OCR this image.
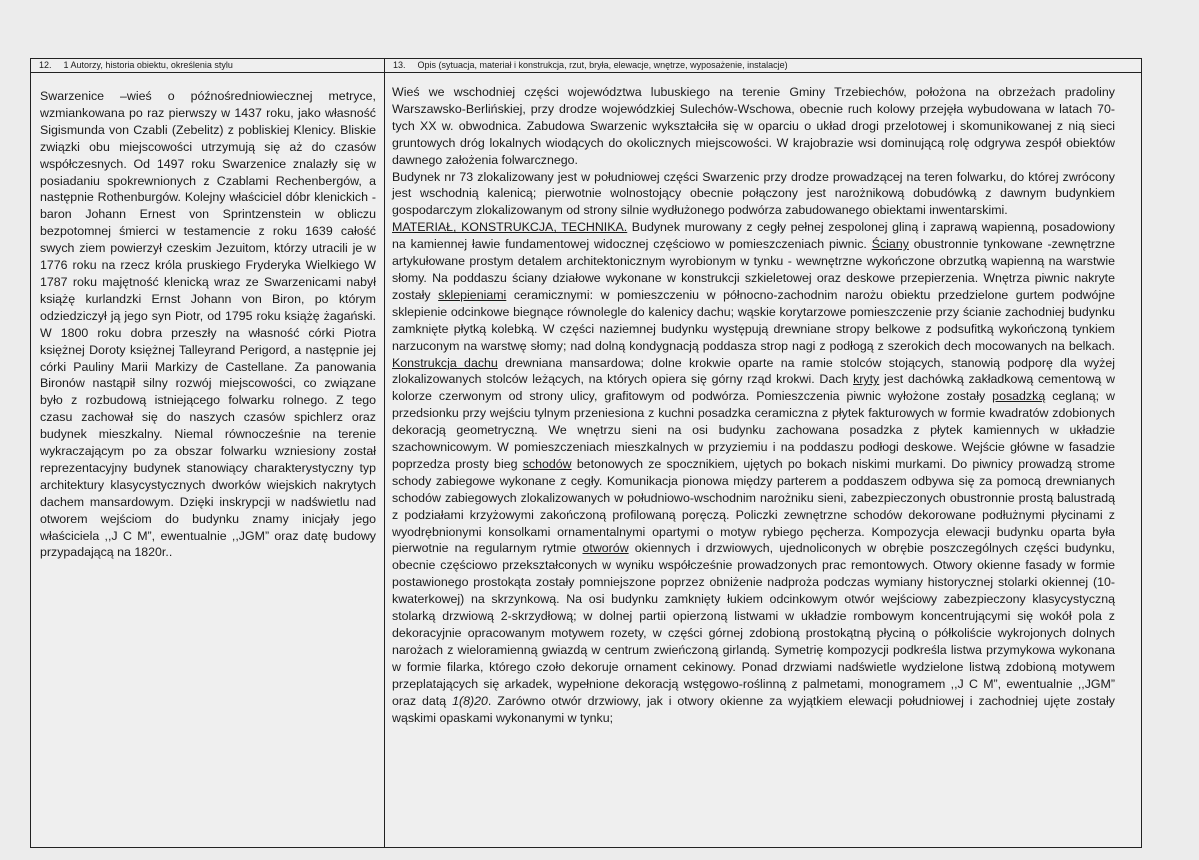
12. 1 Autorzy, historia obiektu, określenia stylu
Swarzenice –wieś o późnośredniowiecznej metryce, wzmiankowana po raz pierwszy w 1437 roku, jako własność Sigismunda von Czabli (Zebelitz) z pobliskiej Klenicy. Bliskie związki obu miejscowości utrzymują się aż do czasów współczesnych. Od 1497 roku Swarzenice znalazły się w posiadaniu spokrewnionych z Czablami Rechenbergów, a następnie Rothenburgów. Kolejny właściciel dóbr klenickich -baron Johann Ernest von Sprintzenstein w obliczu bezpotomnej śmierci w testamencie z roku 1639 całość swych ziem powierzył czeskim Jezuitom, którzy utracili je w 1776 roku na rzecz króla pruskiego Fryderyka Wielkiego W 1787 roku majętność klenicką wraz ze Swarzenicami nabył książę kurlandzki Ernst Johann von Biron, po którym odziedziczył ją jego syn Piotr, od 1795 roku książę żagański. W 1800 roku dobra przeszły na własność córki Piotra księżnej Doroty księżnej Talleyrand Perigord, a następnie jej córki Pauliny Marii Markizy de Castellane. Za panowania Bironów nastąpił silny rozwój miejscowości, co związane było z rozbudową istniejącego folwarku rolnego. Z tego czasu zachował się do naszych czasów spichlerz oraz budynek mieszkalny. Niemal równocześnie na terenie wykraczającym po za obszar folwarku wzniesiony został reprezentacyjny budynek stanowiący charakterystyczny typ architektury klasycystycznych dworków wiejskich nakrytych dachem mansardowym. Dzięki inskrypcji w nadświetlu nad otworem wejściom do budynku znamy inicjały jego właściciela ,,J C M”, ewentualnie ,,JGM” oraz datę budowy przypadającą na 1820r..
13. Opis (sytuacja, materiał i konstrukcja, rzut, bryła, elewacje, wnętrze, wyposażenie, instalacje)

Wieś we wschodniej części województwa lubuskiego na terenie Gminy Trzebiechów, położona na obrzeżach pradoliny Warszawsko-Berlińskiej, przy drodze wojewódzkiej Sulechów-Wschowa, obecnie ruch kolowy przejęła wybudowana w latach 70-tych XX w. obwodnica. Zabudowa Swarzenic wykształciła się w oparciu o układ drogi przelotowej i skomunikowanej z nią sieci gruntowych dróg lokalnych wiodących do okolicznych miejscowości. W krajobrazie wsi dominującą rolę odgrywa zespół obiektów dawnego założenia folwarcznego.

Budynek nr 73 zlokalizowany jest w południowej części Swarzenic przy drodze prowadzącej na teren folwarku, do której zwrócony jest wschodnią kalenicą; pierwotnie wolnostojący obecnie połączony jest narożnikową dobudówką z dawnym budynkiem gospodarczym zlokalizowanym od strony silnie wydłużonego podwórza zabudowanego obiektami inwentarskimi.

MATERIAŁ, KONSTRUKCJA, TECHNIKA. Budynek murowany z cegły pełnej zespolonej gliną i zaprawą wapienną, posadowiony na kamiennej ławie fundamentowej widocznej częściowo w pomieszczeniach piwnic. Ściany obustronnie tynkowane -zewnętrzne artykułowane prostym detalem architektonicznym wyrobionym w tynku - wewnętrzne wykończone obrzutką wapienną na warstwie słomy. Na poddaszu ściany działowe wykonane w konstrukcji szkieletowej oraz deskowe przepierzenia. Wnętrza piwnic nakryte zostały sklepieniami ceramicznymi: w pomieszczeniu w północno-zachodnim narożu obiektu przedzielone gurtem podwójne sklepienie odcinkowe biegnące równolegle do kalenicy dachu; wąskie korytarzowe pomieszczenie przy ścianie zachodniej budynku zamknięte płytką kolebką. W części naziemnej budynku występują drewniane stropy belkowe z podsufitką wykończoną tynkiem narzuconym na warstwę słomy; nad dolną kondygnacją poddasza strop nagi z podłogą z szerokich dech mocowanych na belkach. Konstrukcja dachu drewniana mansardowa; dolne krokwie oparte na ramie stolców stojących, stanowią podporę dla wyżej zlokalizowanych stolców leżących, na których opiera się górny rząd krokwi. Dach kryty jest dachówką zakładkową cementową w kolorze czerwonym od strony ulicy, grafitowym od podwórza. Pomieszczenia piwnic wyłożone zostały posadzką ceglaną; w przedsionku przy wejściu tylnym przeniesiona z kuchni posadzka ceramiczna z płytek fakturowych w formie kwadratów zdobionych dekoracją geometryczną. We wnętrzu sieni na osi budynku zachowana posadzka z płytek kamiennych w układzie szachownicowym. W pomieszczeniach mieszkalnych w przyziemiu i na poddaszu podłogi deskowe. Wejście główne w fasadzie poprzedza prosty bieg schodów betonowych ze spocznikiem, ujętych po bokach niskimi murkami. Do piwnicy prowadzą strome schody zabiegowe wykonane z cegły. Komunikacja pionowa między parterem a poddaszem odbywa się za pomocą drewnianych schodów zabiegowych zlokalizowanych w południowo-wschodnim narożniku sieni, zabezpieczonych obustronnie prostą balustradą z podziałami krzyżowymi zakończoną profilowaną poręczą. Policzki zewnętrzne schodów dekorowane podłużnymi płycinami z wyodrębnionymi konsolkami ornamentalnymi opartymi o motyw rybiego pęcherza. Kompozycja elewacji budynku oparta była pierwotnie na regularnym rytmie otworów okiennych i drzwiowych, ujednoliconych w obrębie poszczególnych części budynku, obecnie częściowo przekształconych w wyniku współcześnie prowadzonych prac remontowych. Otwory okienne fasady w formie postawionego prostokąta zostały pomniejszone poprzez obniżenie nadproża podczas wymiany historycznej stolarki okiennej (10-kwaterkowej) na skrzynkową. Na osi budynku zamknięty łukiem odcinkowym otwór wejściowy zabezpieczony klasycystyczną stolarką drzwiową 2-skrzydłową; w dolnej partii opierzoną listwami w układzie rombowym koncentrującymi się wokół pola z dekoracyjnie opracowanym motywem rozety, w części górnej zdobioną prostokątną płyciną o półkoliście wykrojonych dolnych narożach z wieloramienną gwiazdą w centrum zwieńczoną girlandą. Symetrię kompozycji podkreśla listwa przymykowa wykonana w formie filarka, którego czoło dekoruje ornament cekinowy. Ponad drzwiami nadświetle wydzielone listwą zdobioną motywem przeplatających się arkadek, wypełnione dekoracją wstęgowo-roślinną z palmetami, monogramem ,,J C M”, ewentualnie ,,JGM” oraz datą 1(8)20. Zarówno otwór drzwiowy, jak i otwory okienne za wyjątkiem elewacji południowej i zachodniej ujęte zostały wąskimi opaskami wykonanymi w tynku;
